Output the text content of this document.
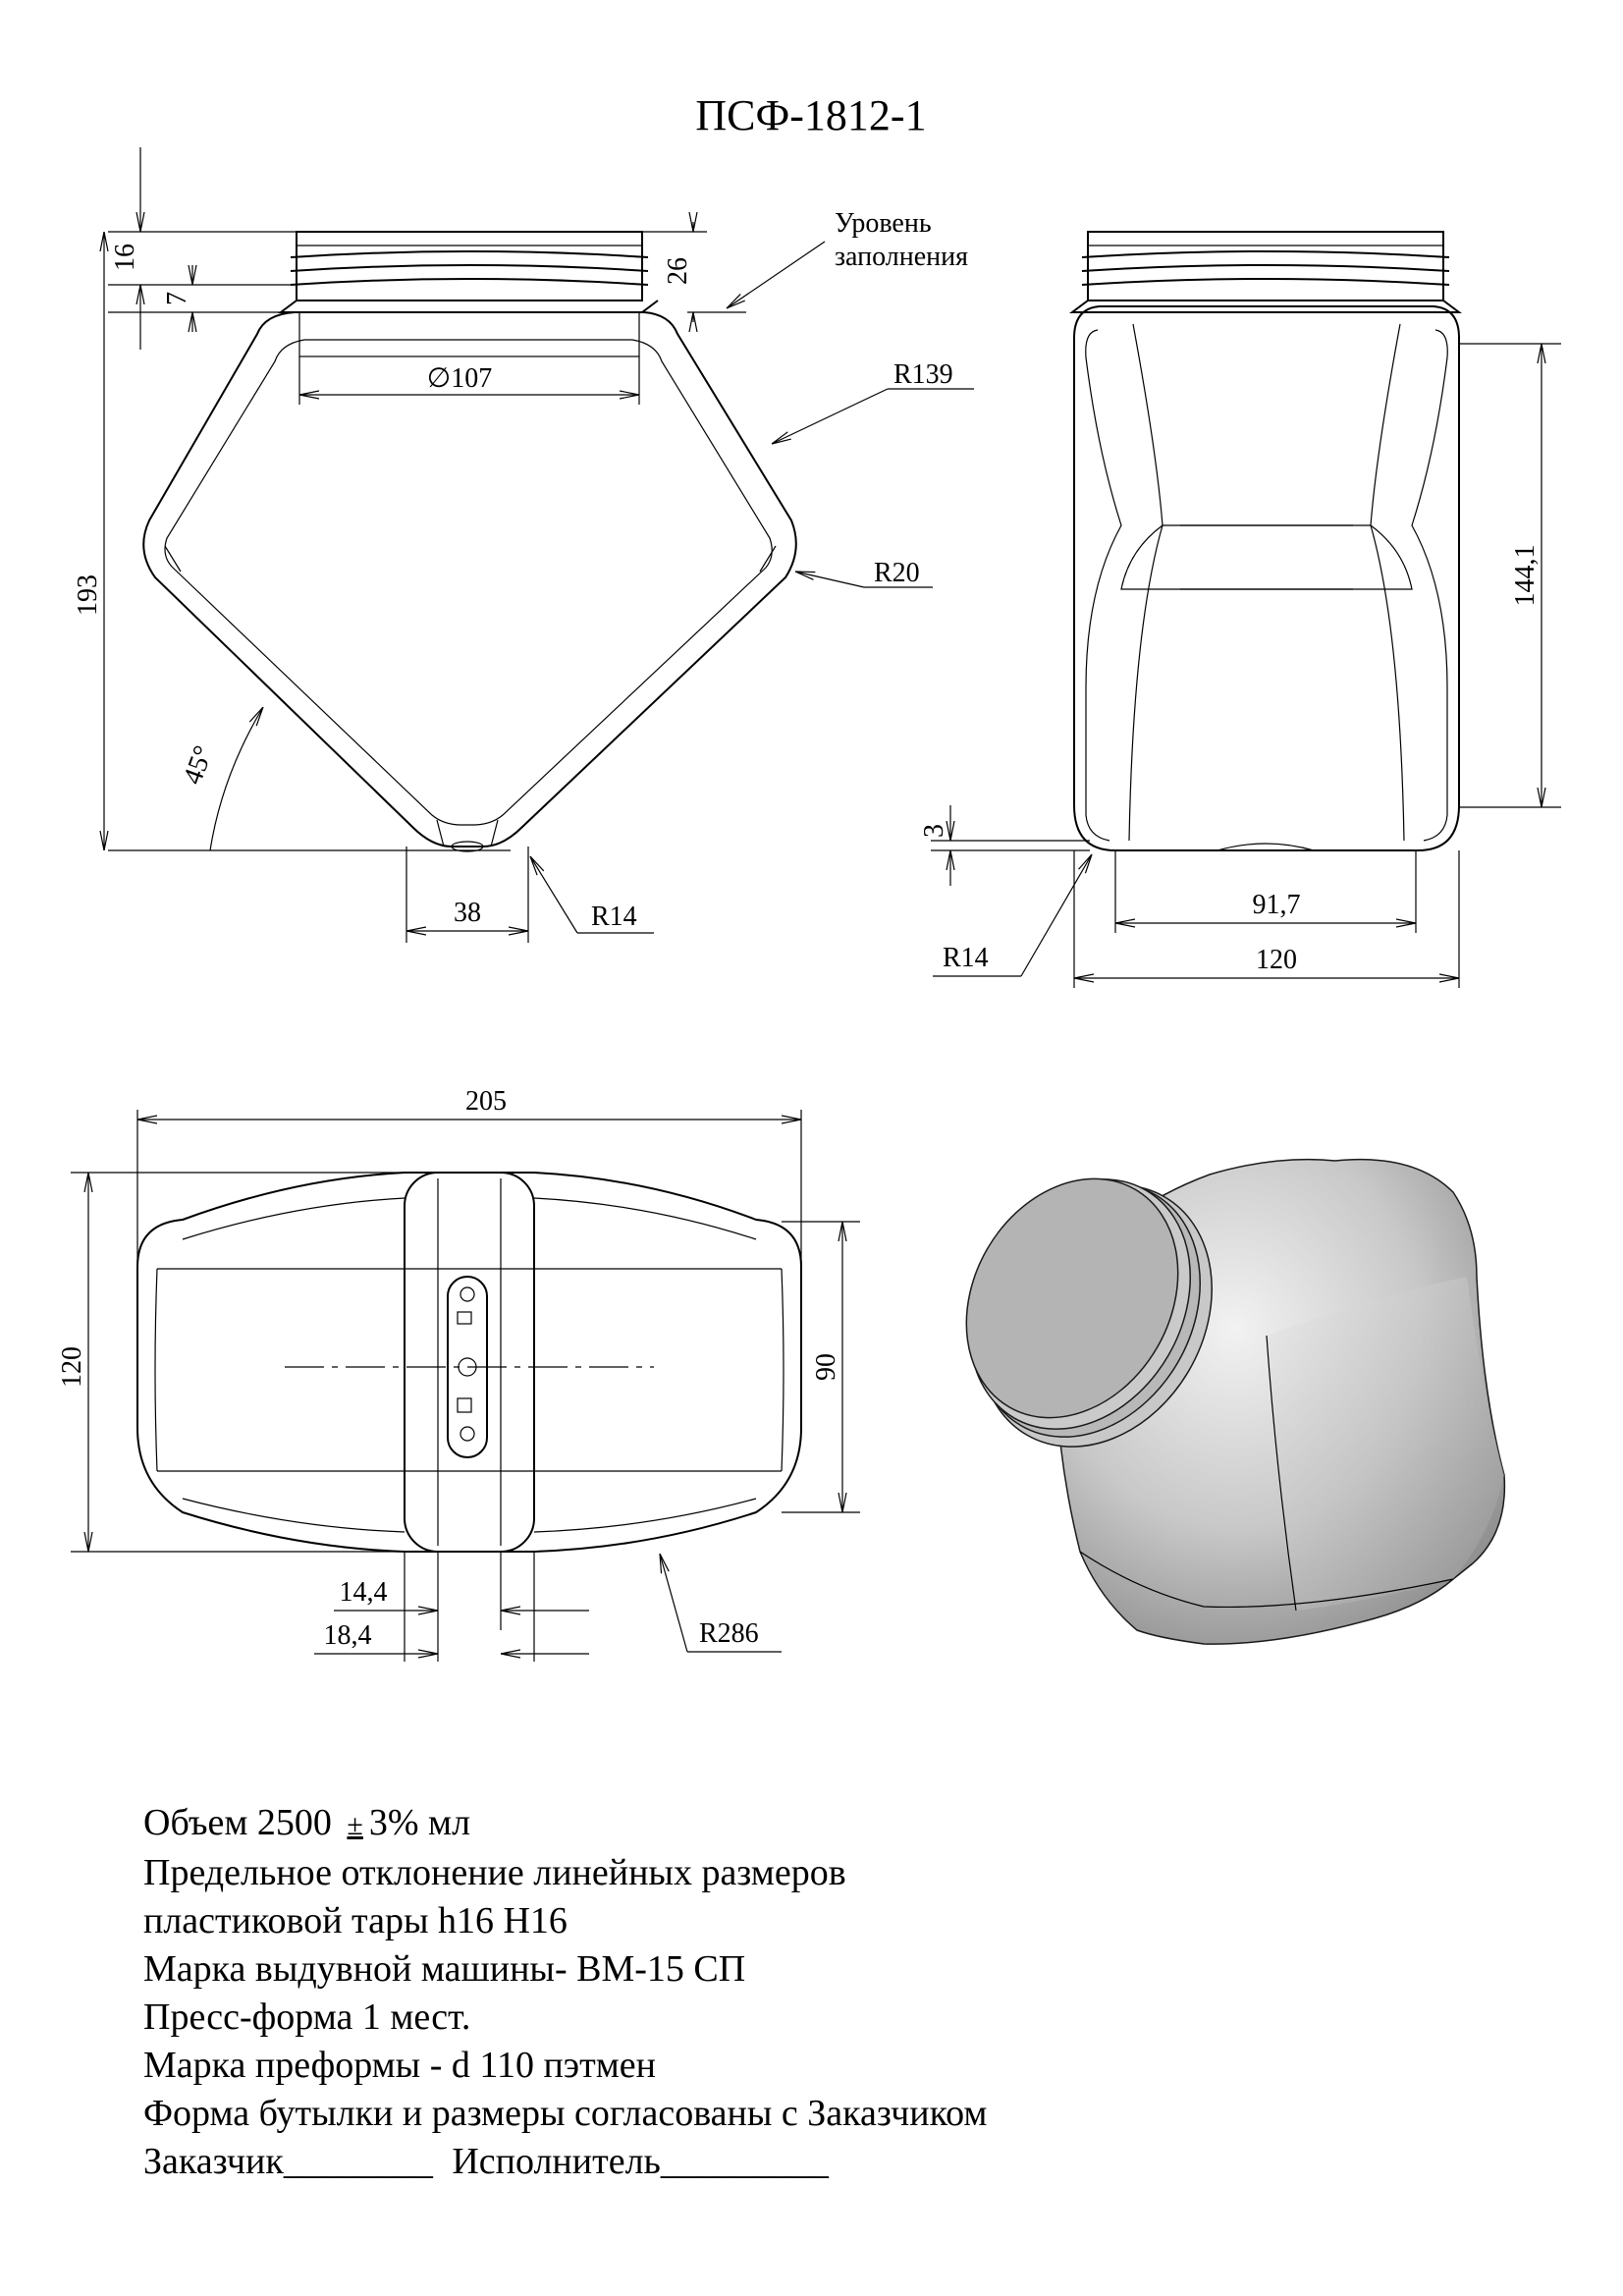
ПСФ-1812-1
16
7
26
Уровень
заполнения
193
∅107	R139
R20
45°
38	R14
144,1
3
91,7
120
R14
205
120	90
14,4
18,4	R286
Объем 2500 ± 3% мл
Предельное отклонение линейных размеров
пластиковой тары h16 H16
Марка выдувной машины- ВМ-15 СП
Пресс-форма 1 мест.
Марка преформы - d 110 пэтмен
Форма бутылки и размеры согласованы с Заказчиком
Заказчик________ Исполнитель_________
